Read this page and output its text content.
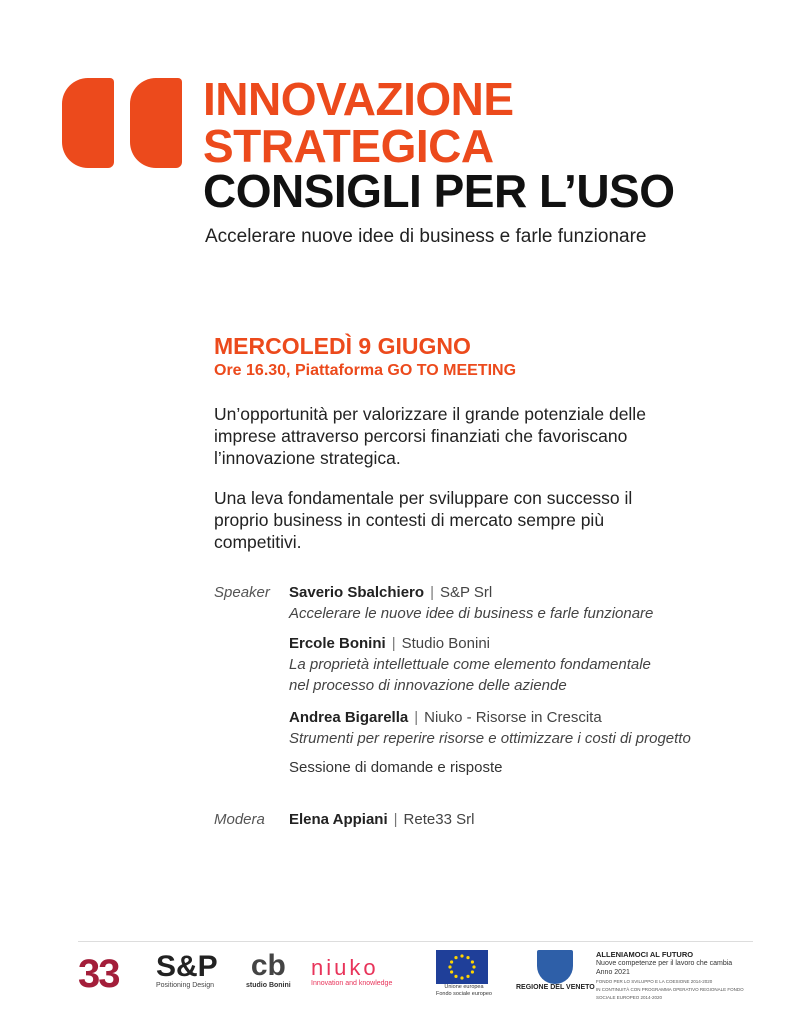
INNOVAZIONE
STRATEGICA
CONSIGLI PER L’USO
Accelerare nuove idee di business e farle funzionare
MERCOLEDÌ 9 GIUGNO
Ore 16.30, Piattaforma GO TO MEETING
Un’opportunità per valorizzare il grande potenziale delle imprese attraverso percorsi finanziati che favoriscano l’innovazione strategica.
Una leva fondamentale per sviluppare con successo il proprio business in contesti di mercato sempre più competitivi.
Speaker Saverio Sbalchiero | S&P Srl
Accelerare le nuove idee di business e farle funzionare
Ercole Bonini | Studio Bonini
La proprietà intellettuale come elemento fondamentale
nel processo di innovazione delle aziende
Andrea Bigarella | Niuko - Risorse in Crescita
Strumenti per reperire risorse e ottimizzare i costi di progetto
Sessione di domande e risposte
Modera Elena Appiani | Rete33 Srl
33 S&P
Positioning Design
cb
studio Bonini
niuko
Innovation and knowledge	Unione europea
Fondo sociale europeo
REGIONE DEL VENETO
ALLENIAMOCI AL FUTURO
Nuove competenze per il lavoro che cambia
Anno 2021
FONDO PER LO SVILUPPO E LA COESIONE 2014-2020
IN CONTINUITÀ CON PROGRAMMA OPERATIVO REGIONALE FONDO
SOCIALE EUROPEO 2014-2020
